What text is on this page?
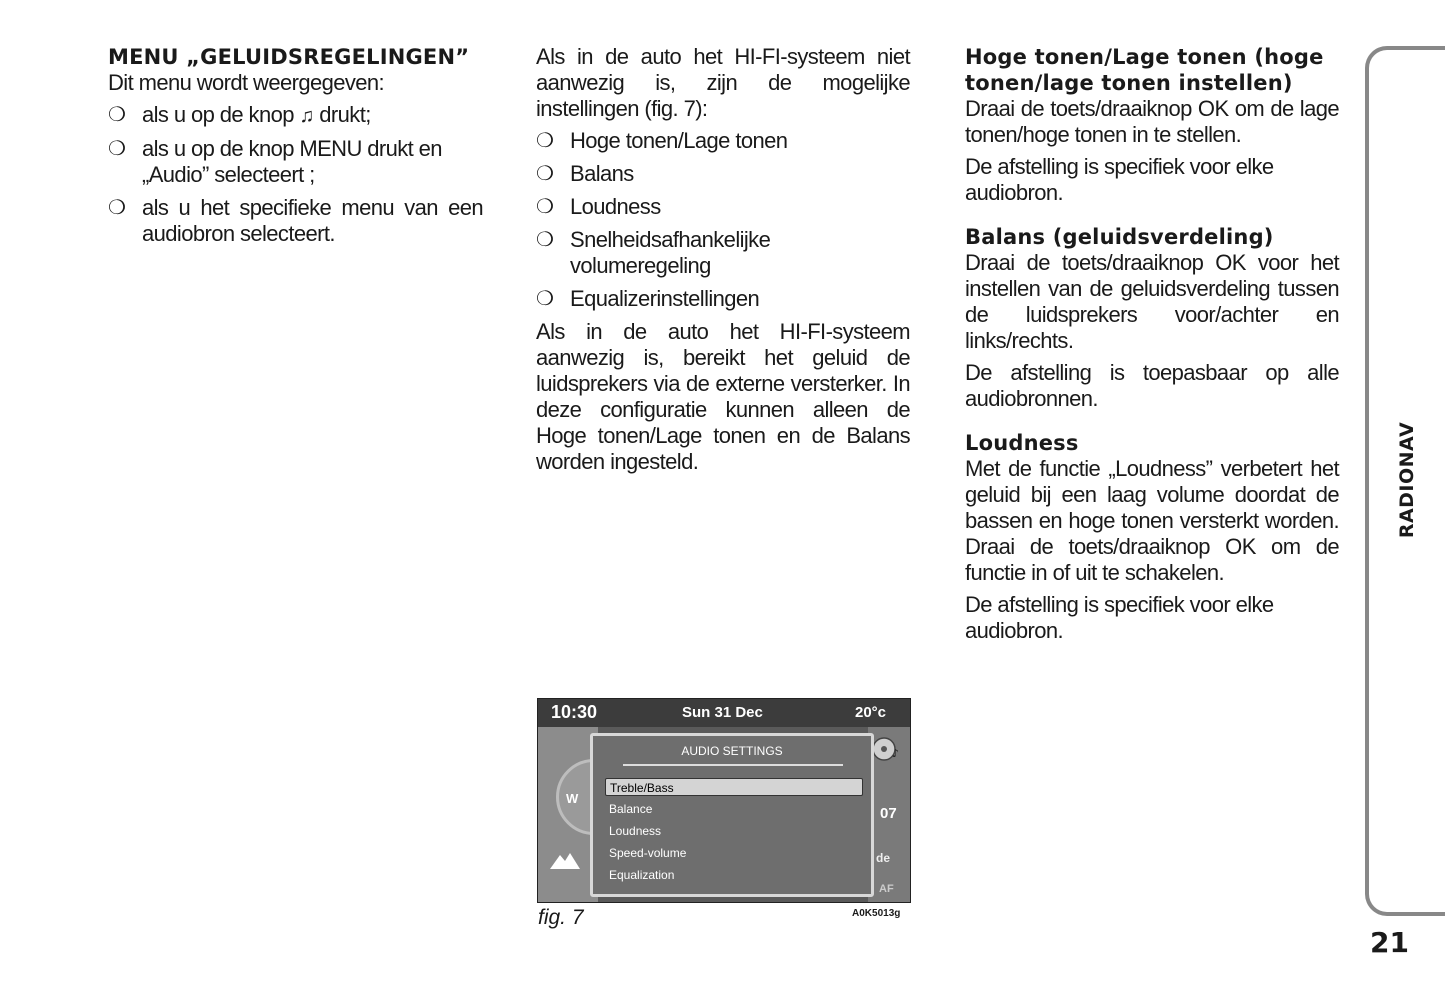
MENU „GELUIDSREGELINGEN”

Dit menu wordt weergegeven:

❍ als u op de knop ♫ drukt;
❍ als u op de knop MENU drukt en „Audio” selecteert ;
❍ als u het specifieke menu van een audiobron selecteert.

Als in de auto het HI-FI-systeem niet aanwezig is, zijn de mogelijke instellingen (fig. 7):

❍ Hoge tonen/Lage tonen
❍ Balans
❍ Loudness
❍ Snelheidsafhankelijke volumeregeling
❍ Equalizerinstellingen

Als in de auto het HI-FI-systeem aanwezig is, bereikt het geluid de luidsprekers via de externe versterker. In deze configuratie kunnen alleen de Hoge tonen/Lage tonen en de Balans worden ingesteld.

Hoge tonen/Lage tonen (hoge tonen/lage tonen instellen)

Draai de toets/draaiknop OK om de lage tonen/hoge tonen in te stellen.

De afstelling is specifiek voor elke audiobron.

Balans (geluidsverdeling)

Draai de toets/draaiknop OK voor het instellen van de geluidsverdeling tussen de luidsprekers voor/achter en links/rechts.

De afstelling is toepasbaar op alle audiobronnen.

Loudness

Met de functie „Loudness” verbetert het geluid bij een laag volume doordat de bassen en hoge tonen versterkt worden. Draai de toets/draaiknop OK om de functie in of uit te schakelen.

De afstelling is specifiek voor elke audiobron.

W
♪
07
de
AF
10:30	Sun 31 Dec	20°c
AUDIO SETTINGS
Treble/Bass
Balance
Loudness
Speed-volume
Equalization
fig. 7	A0K5013g
RADIONAV
21
